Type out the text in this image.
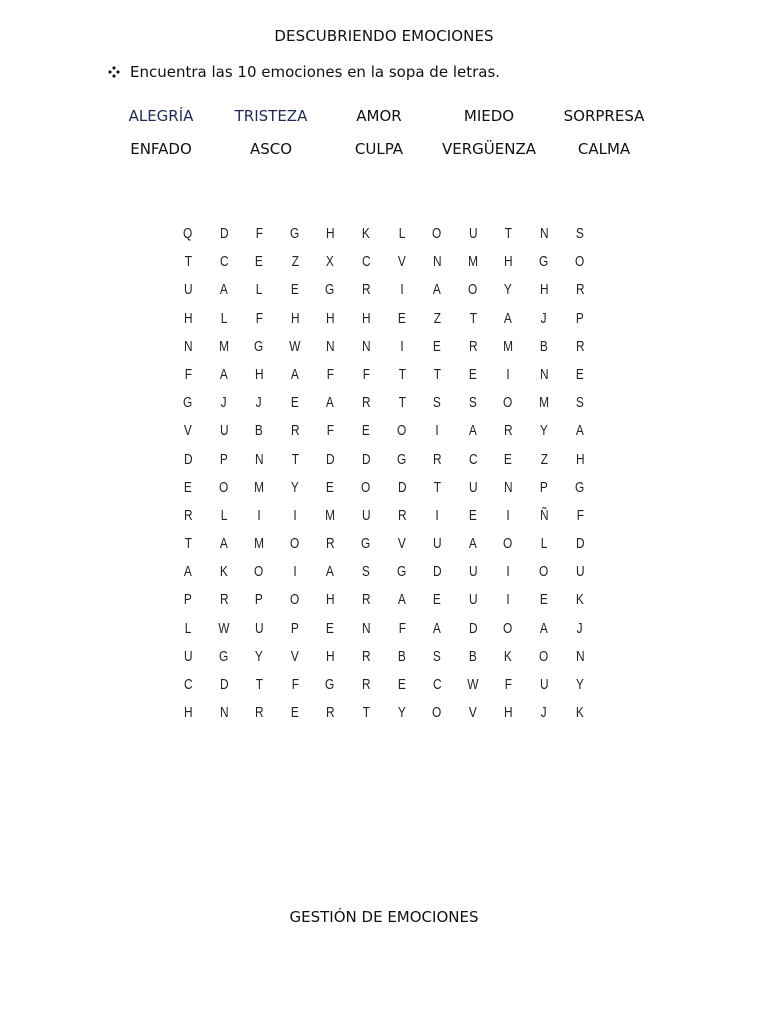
DESCUBRIENDO EMOCIONES
Encuentra las 10 emociones en la sopa de letras.
ALEGRÍA	TRISTEZA	AMOR	MIEDO	SORPRESA
ENFADO	ASCO	CULPA	VERGÜENZA	CALMA
Q	D	F	G	H	K	L	O	U	T	N	S
T	C	E	Z	X	C	V	N	M	H	G	O
U	A	L	E	G	R	I	A	O	Y	H	R
H	L	F	H	H	H	E	Z	T	A	J	P
N	M	G	W	N	N	I	E	R	M	B	R
F	A	H	A	F	F	T	T	E	I	N	E
G	J	J	E	A	R	T	S	S	O	M	S
V	U	B	R	F	E	O	I	A	R	Y	A
D	P	N	T	D	D	G	R	C	E	Z	H
E	O	M	Y	E	O	D	T	U	N	P	G
R	L	I	I	M	U	R	I	E	I	Ñ	F
T	A	M	O	R	G	V	U	A	O	L	D
A	K	O	I	A	S	G	D	U	I	O	U
P	R	P	O	H	R	A	E	U	I	E	K
L	W	U	P	E	N	F	A	D	O	A	J
U	G	Y	V	H	R	B	S	B	K	O	N
C	D	T	F	G	R	E	C	W	F	U	Y
H	N	R	E	R	T	Y	O	V	H	J	K
GESTIÓN DE EMOCIONES
